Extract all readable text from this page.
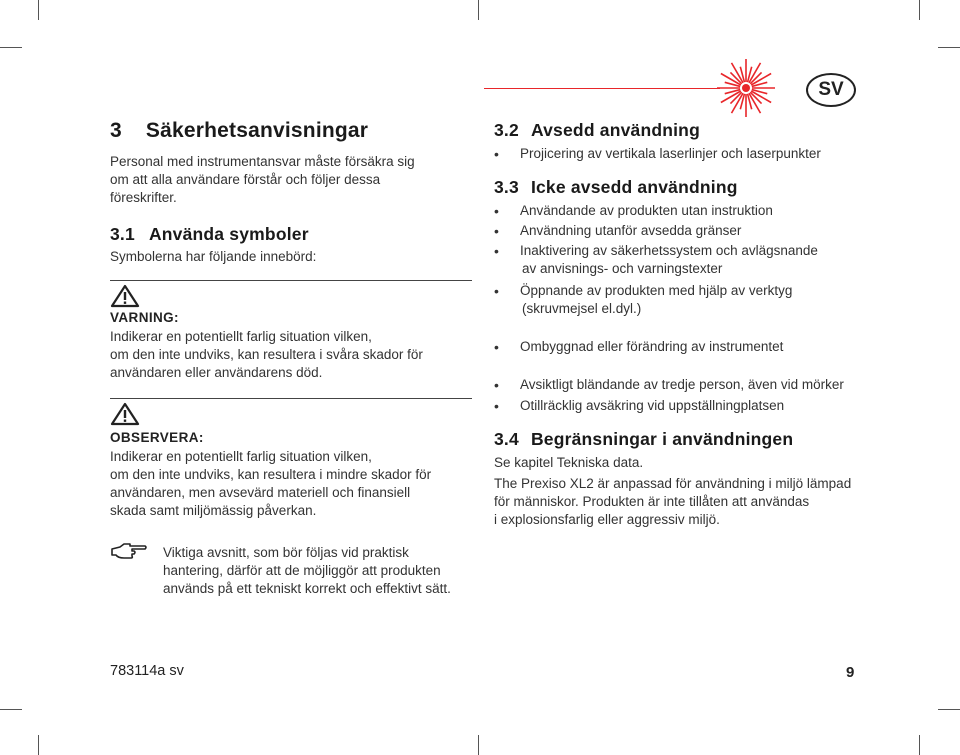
SV
3 Säkerhetsanvisningar
Personal med instrumentansvar måste försäkra sig
om att alla användare förstår och följer dessa
föreskrifter.
3.1 Använda symboler
Symbolerna har följande innebörd:
VARNING:
Indikerar en potentiellt farlig situation vilken,
om den inte undviks, kan resultera i svåra skador för
användaren eller användarens död.
OBSERVERA:
Indikerar en potentiellt farlig situation vilken,
om den inte undviks, kan resultera i mindre skador för
användaren, men avsevärd materiell och finansiell
skada samt miljömässig påverkan.
Viktiga avsnitt, som bör följas vid praktisk
hantering, därför att de möjliggör att produkten
används på ett tekniskt korrekt och effektivt sätt.
3.2 Avsedd användning
• Projicering av vertikala laserlinjer och laserpunkter
3.3 Icke avsedd användning
• Användande av produkten utan instruktion
• Användning utanför avsedda gränser
• Inaktivering av säkerhetssystem och avlägsnande
av anvisnings- och varningstexter
• Öppnande av produkten med hjälp av verktyg
(skruvmejsel el.dyl.)
• Ombyggnad eller förändring av instrumentet
• Avsiktligt bländande av tredje person, även vid mörker
• Otillräcklig avsäkring vid uppställningplatsen
3.4 Begränsningar i användningen
Se kapitel Tekniska data.
The Prexiso XL2 är anpassad för användning i miljö lämpad
för människor. Produkten är inte tillåten att användas
i explosionsfarlig eller aggressiv miljö.
783114a sv	9
